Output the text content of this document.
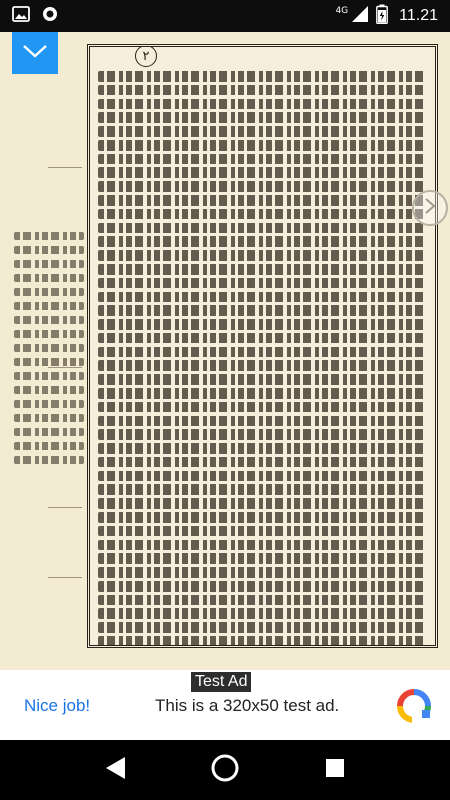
4G	11.21
٢
Test Ad
Nice job!	This is a 320x50 test ad.
